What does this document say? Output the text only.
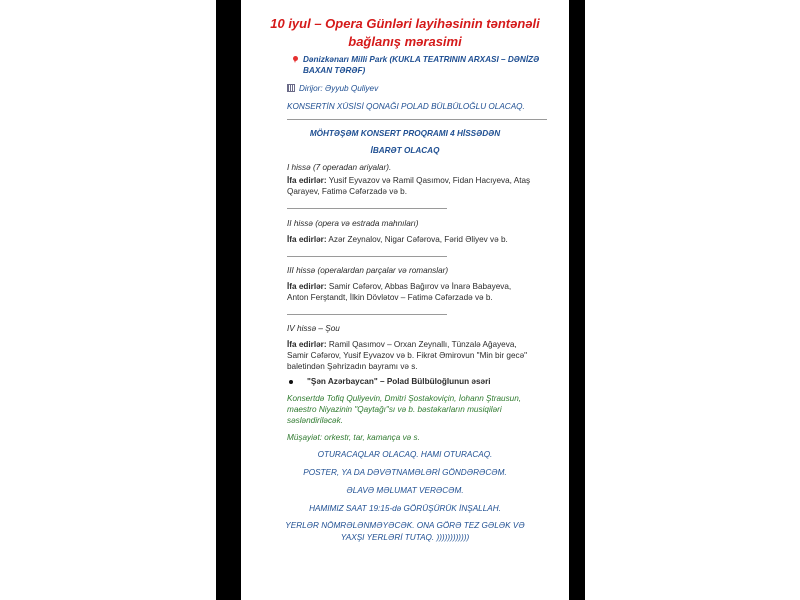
10 iyul – Opera Günləri layihəsinin təntənəli

bağlanış mərasimi

Dənizkənarı Milli Park (KUKLA TEATRININ ARXASI – DƏNİZƏ

BAXAN TƏRƏF)

Dirijor: Əyyub Quliyev

KONSERTİN XÜSİSİ QONAĞI POLAD BÜLBÜLOĞLU OLACAQ.

MÖHTƏŞƏM KONSERT PROQRAMI 4 HİSSƏDƏN

İBARƏT OLACAQ

I hissə (7 operadan ariyalar).

İfa edirlər: Yusif Eyvazov və Ramil Qasımov, Fidan Hacıyeva, Ataş

Qarayev, Fatimə Cəfərzadə və b.

II hissə (opera və estrada mahnıları)

İfa edirlər: Azər Zeynalov, Nigar Cəfərova, Fərid Əliyev və b.

III hissə (operalardan parçalar və romanslar)

İfa edirlər: Samir Cəfərov, Abbas Bağırov və İnarə Babayeva,

Anton Ferştandt, İlkin Dövlətov – Fatimə Cəfərzadə və b.

IV hissə – Şou

İfa edirlər: Ramil Qasımov – Orxan Zeynallı, Tünzalə Ağayeva,

Samir Cəfərov, Yusif Eyvazov və b. Fikrət Əmirovun "Min bir gecə"

baletindən Şəhrizadın bayramı və s.

"Şən Azərbaycan" – Polad Bülbüloğlunun əsəri

Konsertdə Tofiq Quliyevin, Dmitri Şostakoviçin, İohann Ştrausun,

maestro Niyazinin "Qaytağı"sı və b. bəstəkarların musiqiləri

səsləndiriləcək.

Müşayiət: orkestr, tar, kamança və s.

OTURACAQLAR OLACAQ. HAMI OTURACAQ.

POSTER, YA DA DƏVƏTNAMƏLƏRİ GÖNDƏRƏCƏM.

ƏLAVƏ MƏLUMAT VERƏCƏM.

HAMIMIZ SAAT 19:15-də GÖRÜŞÜRÜK İNŞALLAH.

YERLƏR NÖMRƏLƏNMƏYƏCƏK. ONA GÖRƏ TEZ GƏLƏK VƏ

YAXŞI YERLƏRİ TUTAQ. ))))))))))))
